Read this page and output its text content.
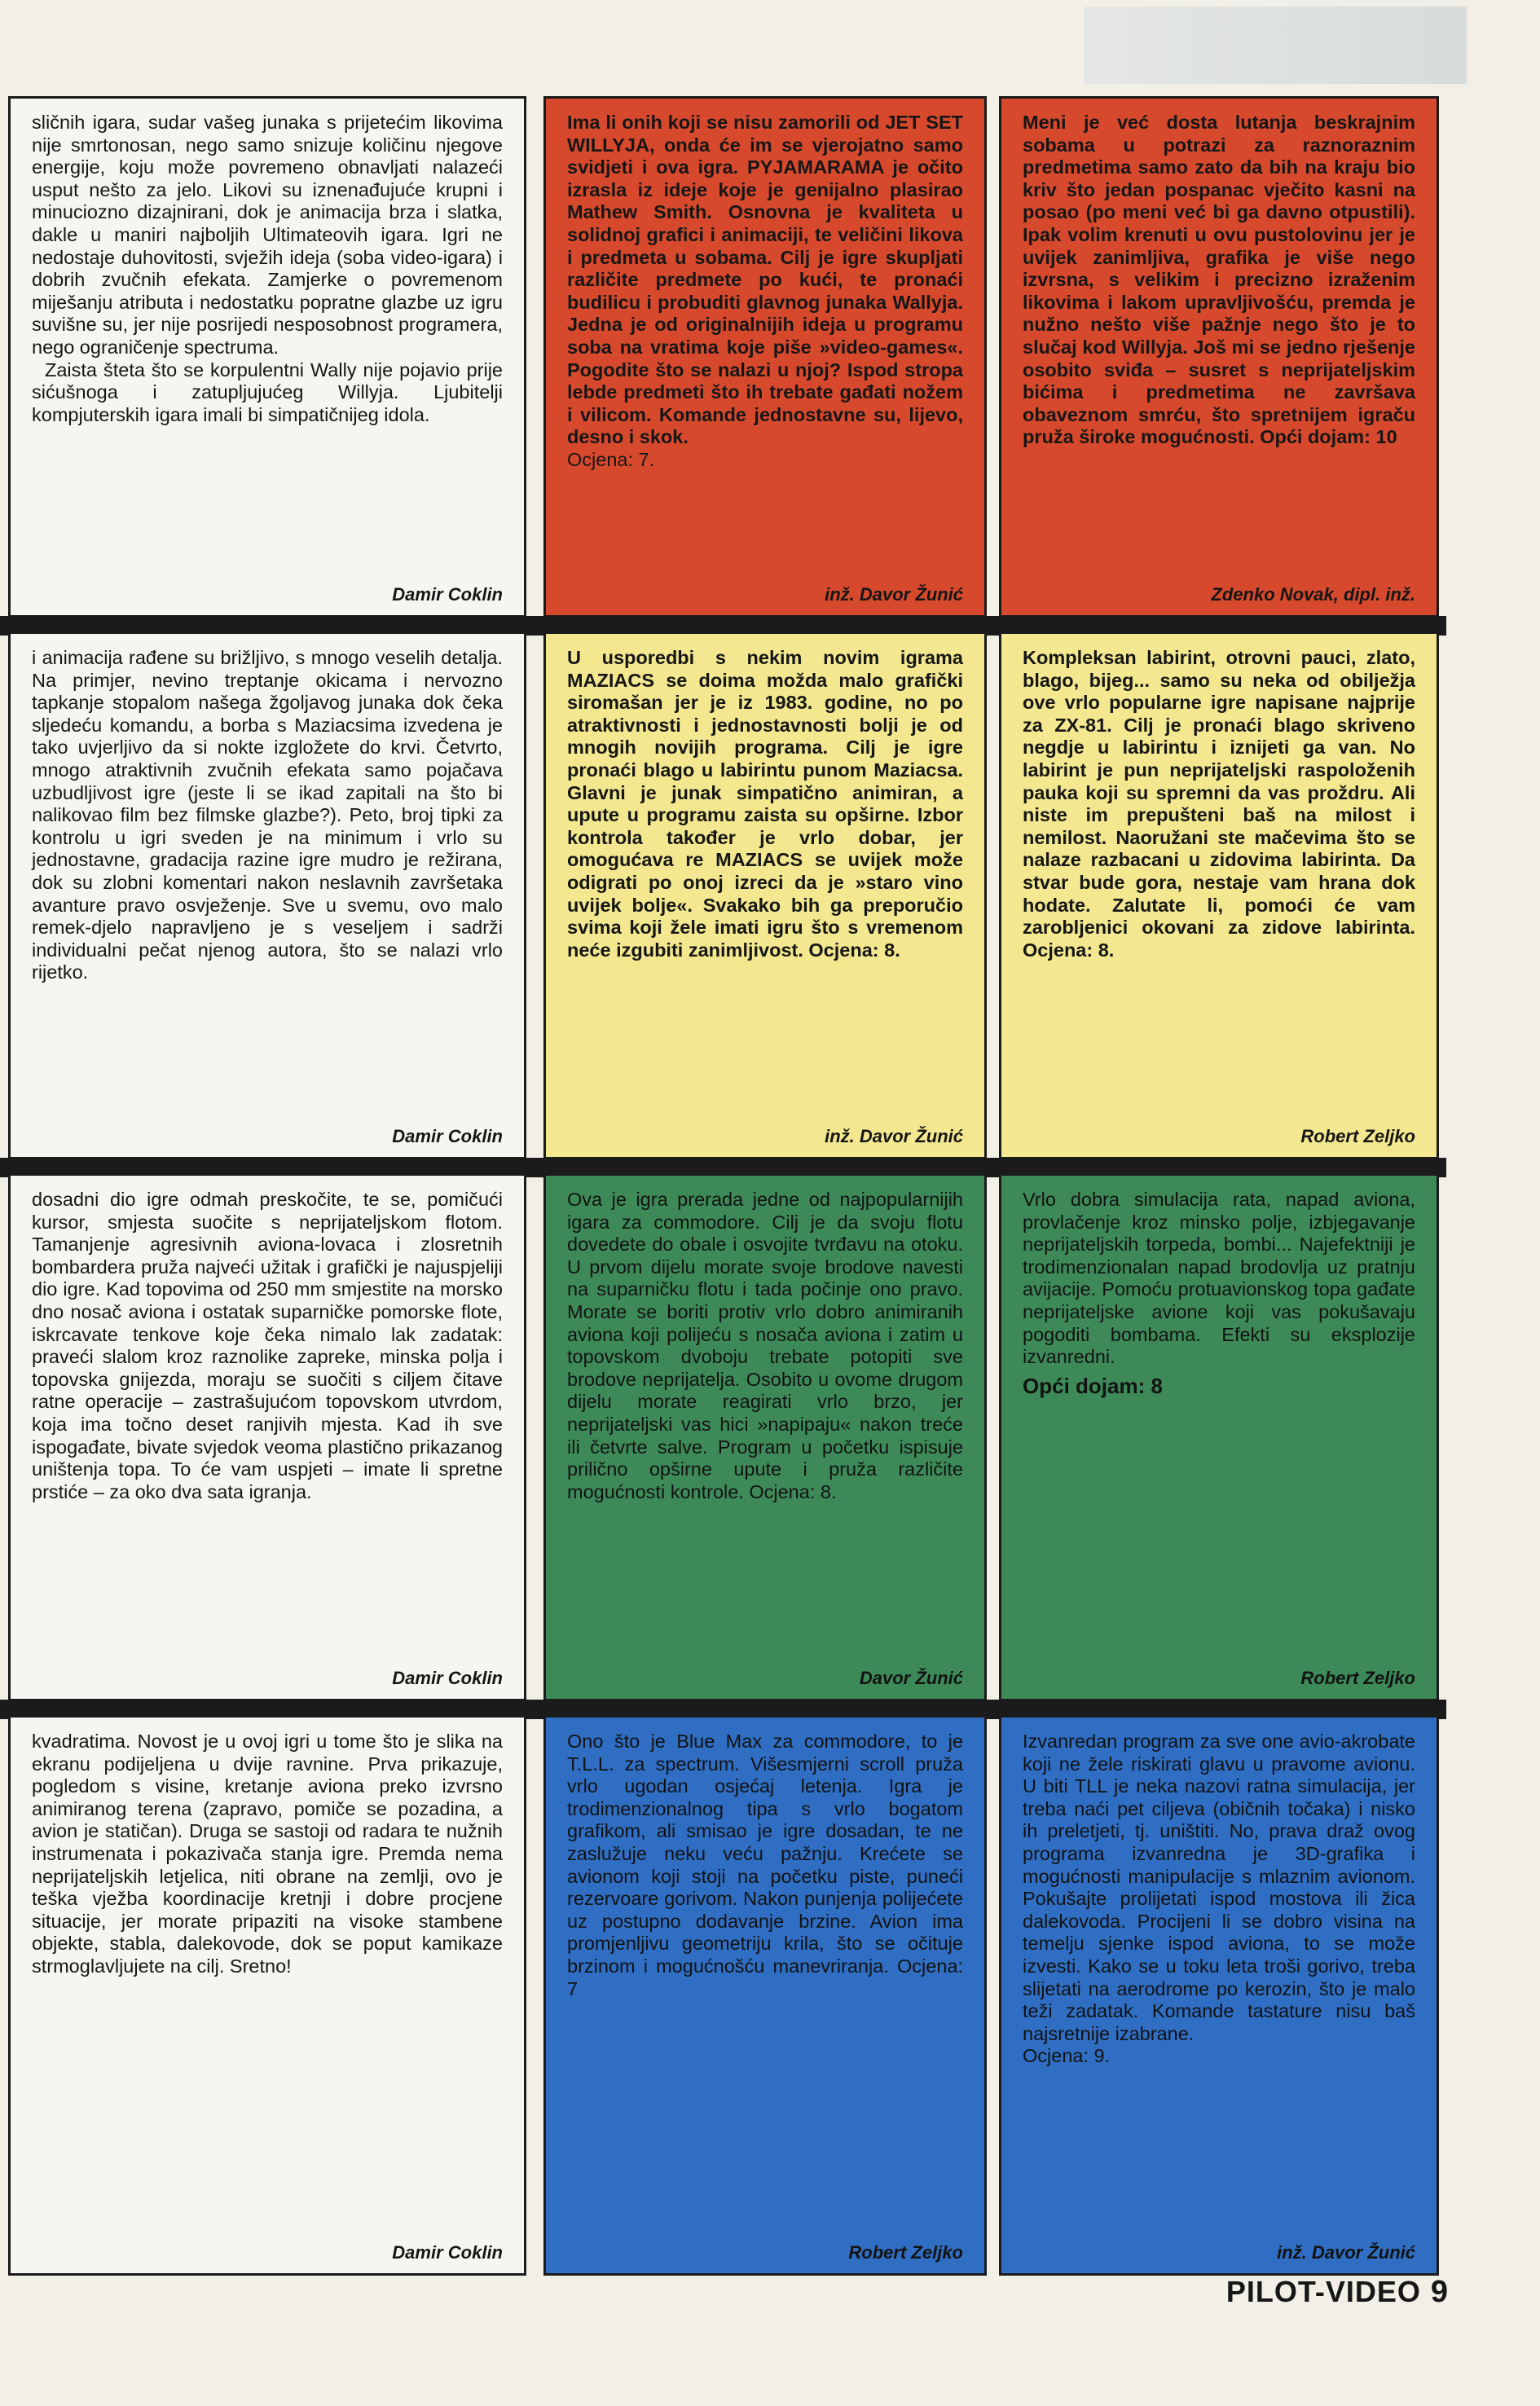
sličnih igara, sudar vašeg junaka s prijetećim likovima nije smrtonosan, nego samo snizuje količinu njegove energije, koju može povremeno obnavljati nalazeći usput nešto za jelo. Likovi su iznenađujuće krupni i minuciozno dizajnirani, dok je animacija brza i slatka, dakle u maniri najboljih Ultimateovih igara. Igri ne nedostaje duhovitosti, svježih ideja (soba video-igara) i dobrih zvučnih efekata. Zamjerke o povremenom miješanju atributa i nedostatku popratne glazbe uz igru suvišne su, jer nije posrijedi nesposobnost programera, nego ograničenje spectruma.
Zaista šteta što se korpulentni Wally nije pojavio prije sićušnoga i zatupljujućeg Willyja. Ljubitelji kompjuterskih igara imali bi simpatičnijeg idola.

Damir Coklin

Ima li onih koji se nisu zamorili od JET SET WILLYJA, onda će im se vjerojatno samo svidjeti i ova igra. PYJAMARAMA je očito izrasla iz ideje koje je genijalno plasirao Mathew Smith. Osnovna je kvaliteta u solidnoj grafici i animaciji, te veličini likova i predmeta u sobama. Cilj je igre skupljati različite predmete po kući, te pronaći budilicu i probuditi glavnog junaka Wallyja. Jedna je od originalnijih ideja u programu soba na vratima koje piše »video-games«. Pogodite što se nalazi u njoj? Ispod stropa lebde predmeti što ih trebate gađati nožem i vilicom. Komande jednostavne su, lijevo, desno i skok.

Ocjena: 7.

inž. Davor Žunić

Meni je već dosta lutanja beskrajnim sobama u potrazi za raznoraznim predmetima samo zato da bih na kraju bio kriv što jedan pospanac vječito kasni na posao (po meni već bi ga davno otpustili). Ipak volim krenuti u ovu pustolovinu jer je uvijek zanimljiva, grafika je više nego izvrsna, s velikim i precizno izraženim likovima i lakom upravljivošću, premda je nužno nešto više pažnje nego što je to slučaj kod Willyja. Još mi se jedno rješenje osobito sviđa – susret s neprijateljskim bićima i predmetima ne završava obaveznom smrću, što spretnijem igraču pruža široke mogućnosti. Opći dojam: 10

Zdenko Novak, dipl. inž.

i animacija rađene su brižljivo, s mnogo veselih detalja. Na primjer, nevino treptanje okicama i nervozno tapkanje stopalom našega žgoljavog junaka dok čeka sljedeću komandu, a borba s Maziacsima izvedena je tako uvjerljivo da si nokte izgložete do krvi. Četvrto, mnogo atraktivnih zvučnih efekata samo pojačava uzbudljivost igre (jeste li se ikad zapitali na što bi nalikovao film bez filmske glazbe?). Peto, broj tipki za kontrolu u igri sveden je na minimum i vrlo su jednostavne, gradacija razine igre mudro je režirana, dok su zlobni komentari nakon neslavnih završetaka avanture pravo osvježenje. Sve u svemu, ovo malo remek-djelo napravljeno je s veseljem i sadrži individualni pečat njenog autora, što se nalazi vrlo rijetko.

Damir Coklin

U usporedbi s nekim novim igrama MAZIACS se doima možda malo grafički siromašan jer je iz 1983. godine, no po atraktivnosti i jednostavnosti bolji je od mnogih novijih programa. Cilj je igre pronaći blago u labirintu punom Maziacsa. Glavni je junak simpatično animiran, a uputе u programu zaista su opširne. Izbor kontrola također je vrlo dobar, jer omogućava re MAZIACS se uvijek može odigrati po onoj izreci da je »staro vino uvijek bolje«. Svakako bih ga preporučio svima koji žele imati igru što s vremenom neće izgubiti zanimljivost. Ocjena: 8.

inž. Davor Žunić

Kompleksan labirint, otrovni pauci, zlato, blago, bijeg... samo su neka od obilježja ove vrlo popularne igre napisane najprije za ZX-81. Cilj je pronaći blago skriveno negdje u labirintu i iznijeti ga van. No labirint je pun neprijateljski raspoloženih pauka koji su spremni da vas proždru. Ali niste im prepušteni baš na milost i nemilost. Naoružani ste mačevima što se nalaze razbacani u zidovima labirinta. Da stvar bude gora, nestaje vam hrana dok hodate. Zalutate li, pomoći će vam zarobljenici okovani za zidove labirinta. Ocjena: 8.

Robert Zeljko

dosadni dio igre odmah preskočite, te se, pomičući kursor, smjesta suočite s neprijateljskom flotom. Tamanjenje agresivnih aviona-lovaca i zlosretnih bombardera pruža najveći užitak i grafički je najuspjeliji dio igre. Kad topovima od 250 mm smjestite na morsko dno nosač aviona i ostatak suparničke pomorske flote, iskrcavate tenkove koje čeka nimalo lak zadatak: praveći slalom kroz raznolike zapreke, minska polja i topovska gnijezda, moraju se suočiti s ciljem čitave ratne operacije – zastrašujućom topovskom utvrdom, koja ima točno deset ranjivih mjesta. Kad ih sve ispogađate, bivate svjedok veoma plastično prikazanog uništenja topa. To će vam uspjeti – imate li spretne prstiće – za oko dva sata igranja.

Damir Coklin

Ova je igra prerada jedne od najpopularnijih igara za commodore. Cilj je da svoju flotu dovedete do obale i osvojite tvrđavu na otoku. U prvom dijelu morate svoje brodove navesti na suparničku flotu i tada počinje ono pravo. Morate se boriti protiv vrlo dobro animiranih aviona koji polijeću s nosača aviona i zatim u topovskom dvoboju trebate potopiti sve brodove neprijatelja. Osobito u ovome drugom dijelu morate reagirati vrlo brzo, jer neprijateljski vas hici »napipaju« nakon treće ili četvrte salve. Program u početku ispisuje prilično opširne upute i pruža različite mogućnosti kontrole. Ocjena: 8.

Davor Žunić

Vrlo dobra simulacija rata, napad aviona, provlačenje kroz minsko polje, izbjegavanje neprijateljskih torpeda, bombi... Najefektniji je trodimenzionalan napad brodovlja uz pratnju avijacije. Pomoću protuavionskog topa gađate neprijateljske avione koji vas pokušavaju pogoditi bombama. Efekti su eksplozije izvanredni.

Opći dojam: 8

Robert Zeljko

kvadratima. Novost je u ovoj igri u tome što je slika na ekranu podijeljena u dvije ravnine. Prva prikazuje, pogledom s visine, kretanje aviona preko izvrsno animiranog terena (zapravo, pomiče se pozadina, a avion je statičan). Druga se sastoji od radara te nužnih instrumenata i pokazivača stanja igre. Premda nema neprijateljskih letjelica, niti obrane na zemlji, ovo je teška vježba koordinacije kretnji i dobre procjene situacije, jer morate pripaziti na visoke stambene objekte, stabla, dalekovode, dok se poput kamikaze strmoglavljujete na cilj. Sretno!

Damir Coklin

Ono što je Blue Max za commodore, to je T.L.L. za spectrum. Višesmjerni scroll pruža vrlo ugodan osjećaj letenja. Igra je trodimenzionalnog tipa s vrlo bogatom grafikom, ali smisao je igre dosadan, te ne zaslužuje neku veću pažnju. Krećete se avionom koji stoji na početku piste, puneći rezervoare gorivom. Nakon punjenja polijećete uz postupno dodavanje brzine. Avion ima promjenljivu geometriju krila, što se očituje brzinom i mogućnošću manevriranja. Ocjena: 7

Robert Zeljko

Izvanredan program za sve one avio-akrobate koji ne žele riskirati glavu u pravome avionu. U biti TLL je neka nazovi ratna simulacija, jer treba naći pet ciljeva (običnih točaka) i nisko ih preletjeti, tj. uništiti. No, prava draž ovog programa izvanredna je 3D-grafika i mogućnosti manipulacije s mlaznim avionom. Pokušajte prolijetati ispod mostova ili žica dalekovoda. Procijeni li se dobro visina na temelju sjenke ispod aviona, to se može izvesti. Kako se u toku leta troši gorivo, treba slijetati na aerodrome po kerozin, što je malo teži zadatak. Komande tastature nisu baš najsretnije izabrane.

Ocjena: 9.

inž. Davor Žunić

PILOT-VIDEO 9
